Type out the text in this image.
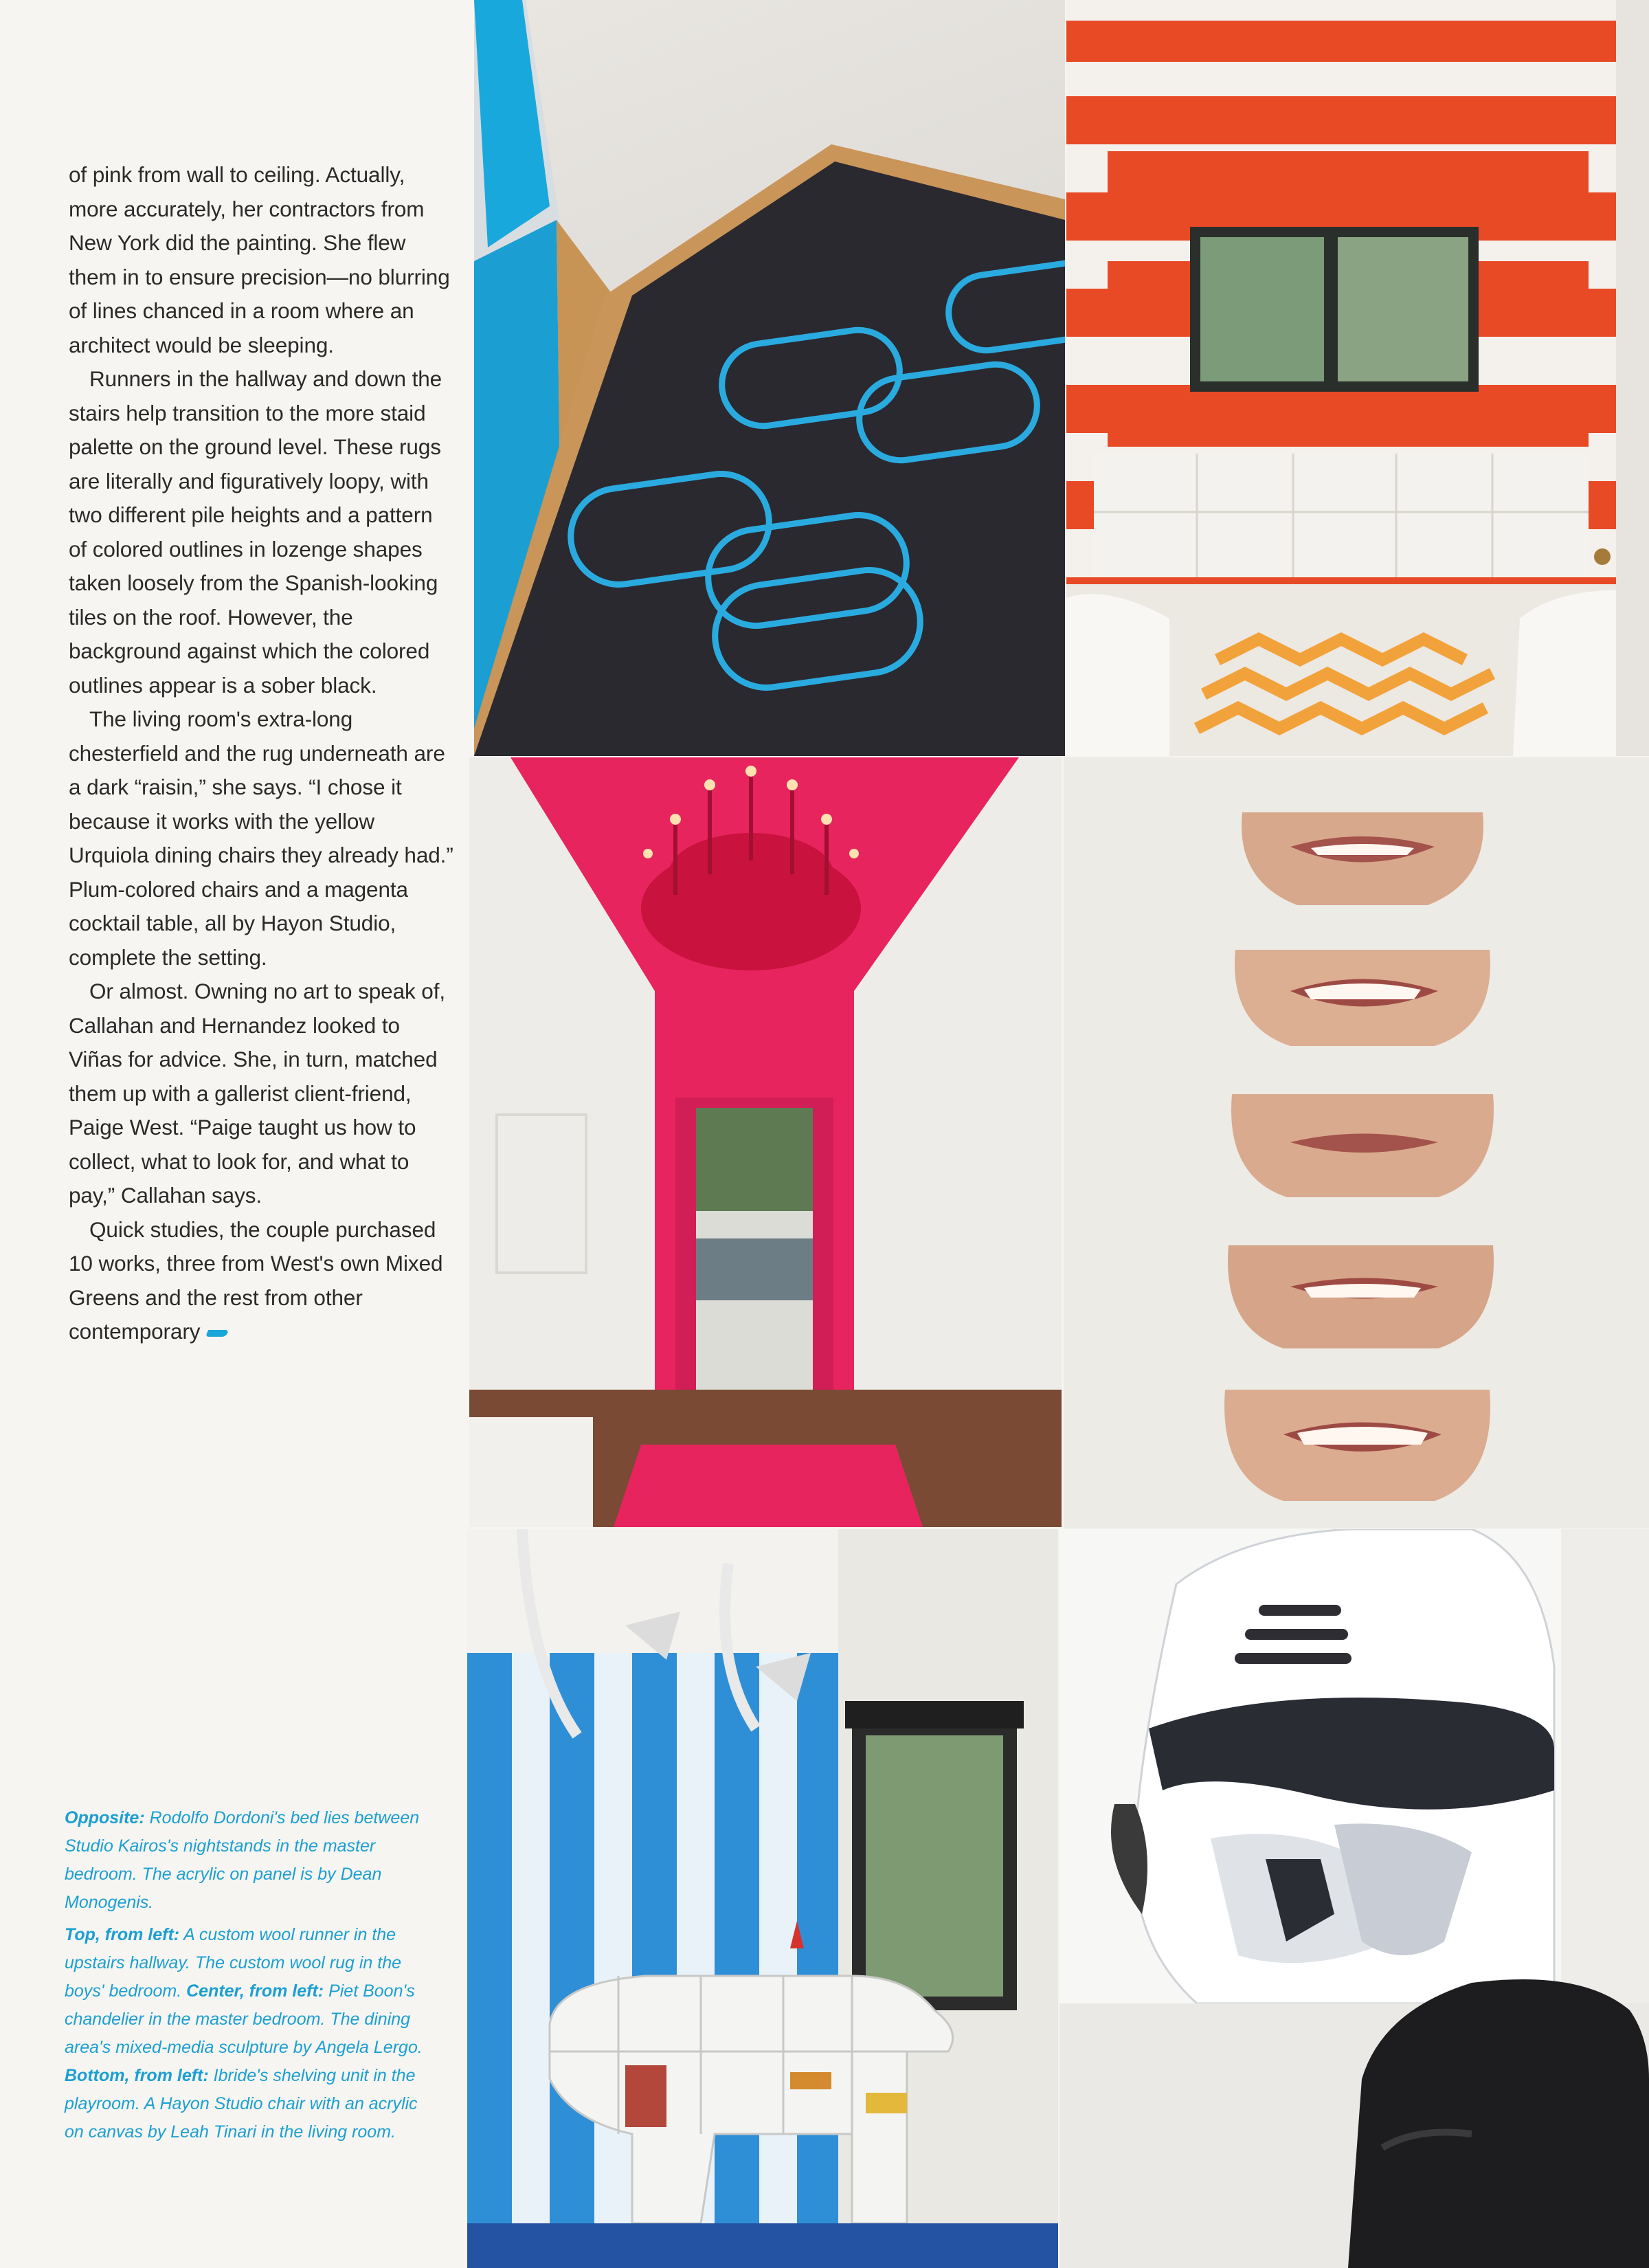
of pink from wall to ceiling. Actually, more accurately, her contractors from New York did the painting. She flew them in to ensure precision—no blurring of lines chanced in a room where an architect would be sleeping.

Runners in the hallway and down the stairs help transition to the more staid palette on the ground level. These rugs are literally and figuratively loopy, with two different pile heights and a pattern of colored outlines in lozenge shapes taken loosely from the Spanish-looking tiles on the roof. However, the background against which the colored outlines appear is a sober black.

The living room's extra-long chesterfield and the rug underneath are a dark “raisin,” she says. “I chose it because it works with the yellow Urquiola dining chairs they already had.” Plum-colored chairs and a magenta cocktail table, all by Hayon Studio, complete the setting.

Or almost. Owning no art to speak of, Callahan and Hernandez looked to Viñas for advice. She, in turn, matched them up with a gallerist client-friend, Paige West. “Paige taught us how to collect, what to look for, and what to pay,” Callahan says.

Quick studies, the couple purchased 10 works, three from West's own Mixed Greens and the rest from other contemporary

Opposite: Rodolfo Dordoni's bed lies between Studio Kairos's nightstands in the master bedroom. The acrylic on panel is by Dean Monogenis.

Top, from left: A custom wool runner in the upstairs hallway. The custom wool rug in the boys' bedroom. Center, from left: Piet Boon's chandelier in the master bedroom. The dining area's mixed-media sculpture by Angela Lergo. Bottom, from left: Ibride's shelving unit in the playroom. A Hayon Studio chair with an acrylic on canvas by Leah Tinari in the living room.
